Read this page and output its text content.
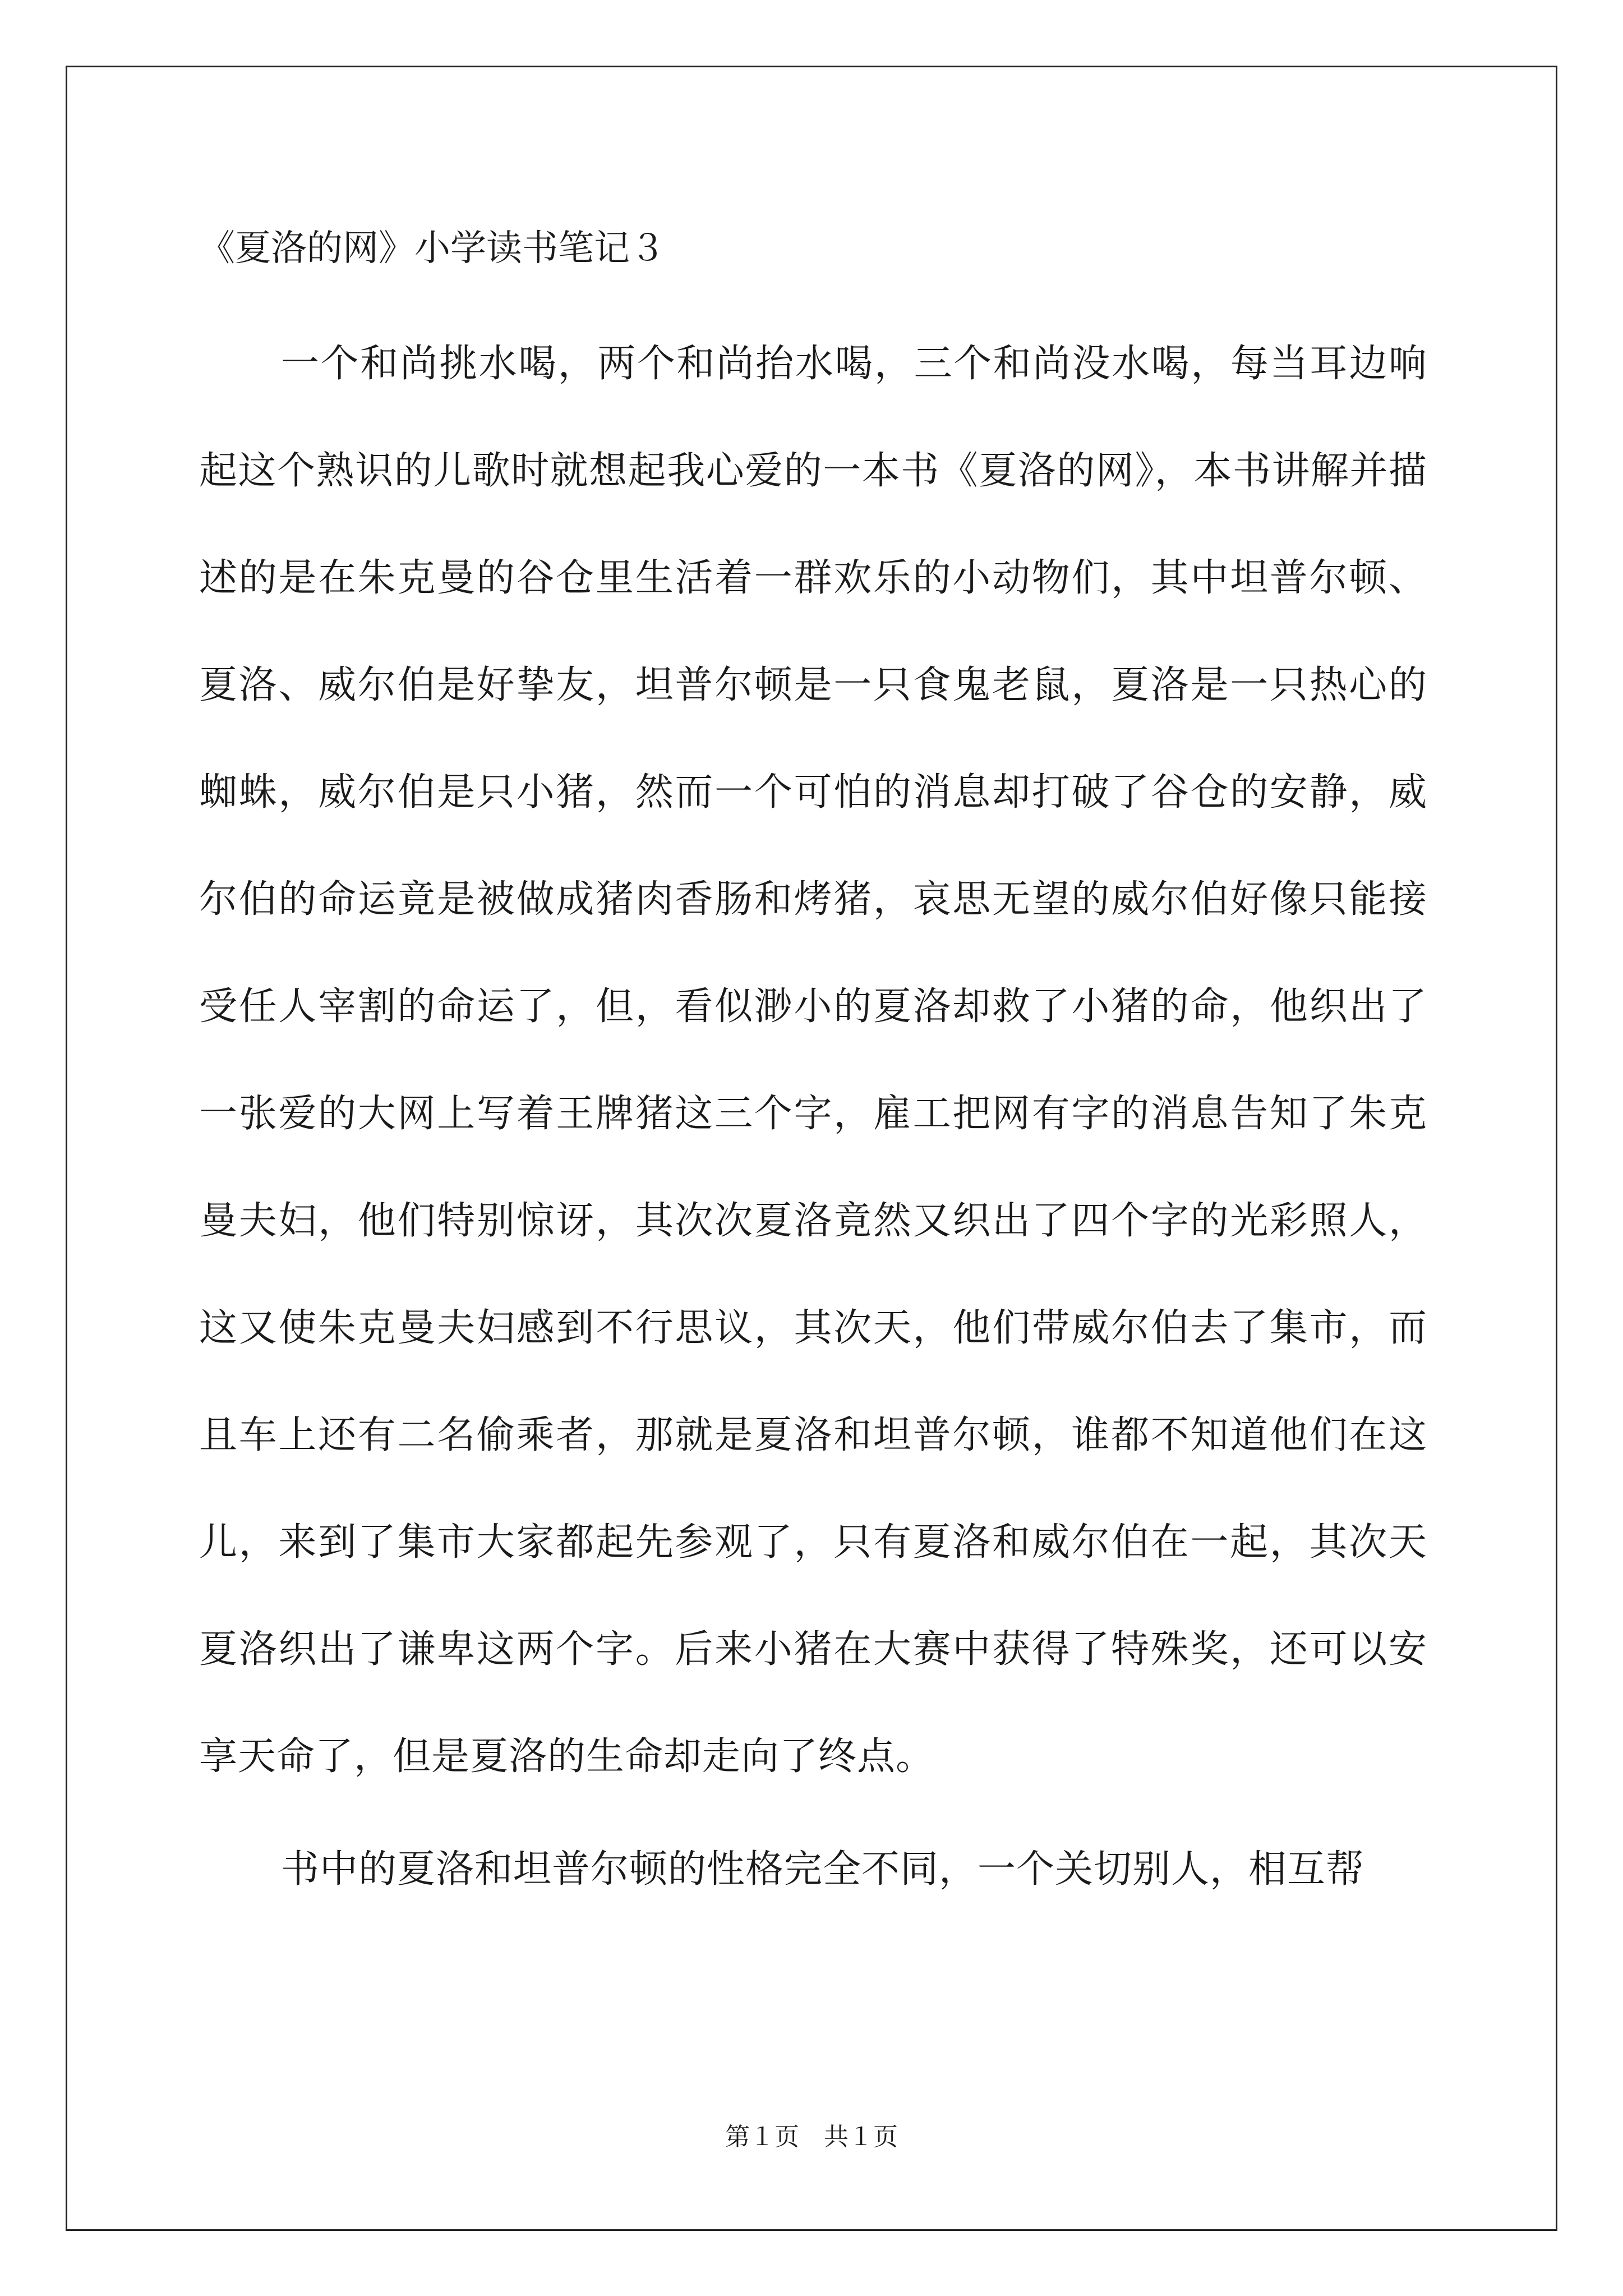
《夏洛的网》小学读书笔记３

一个和尚挑水喝，两个和尚抬水喝，三个和尚没水喝，每当耳边响起这个熟识的儿歌时就想起我心爱的一本书《夏洛的网》，本书讲解并描述的是在朱克曼的谷仓里生活着一群欢乐的小动物们，其中坦普尔顿、夏洛、威尔伯是好挚友，坦普尔顿是一只食鬼老鼠，夏洛是一只热心的蜘蛛，威尔伯是只小猪，然而一个可怕的消息却打破了谷仓的安静，威尔伯的命运竟是被做成猪肉香肠和烤猪，哀思无望的威尔伯好像只能接受任人宰割的命运了，但，看似渺小的夏洛却救了小猪的命，他织出了一张爱的大网上写着王牌猪这三个字，雇工把网有字的消息告知了朱克曼夫妇，他们特别惊讶，其次次夏洛竟然又织出了四个字的光彩照人，这又使朱克曼夫妇感到不行思议，其次天，他们带威尔伯去了集市，而且车上还有二名偷乘者，那就是夏洛和坦普尔顿，谁都不知道他们在这儿，来到了集市大家都起先参观了，只有夏洛和威尔伯在一起，其次天夏洛织出了谦卑这两个字。后来小猪在大赛中获得了特殊奖，还可以安享天命了，但是夏洛的生命却走向了终点。

书中的夏洛和坦普尔顿的性格完全不同，一个关切别人，相互帮

第１页　共１页
